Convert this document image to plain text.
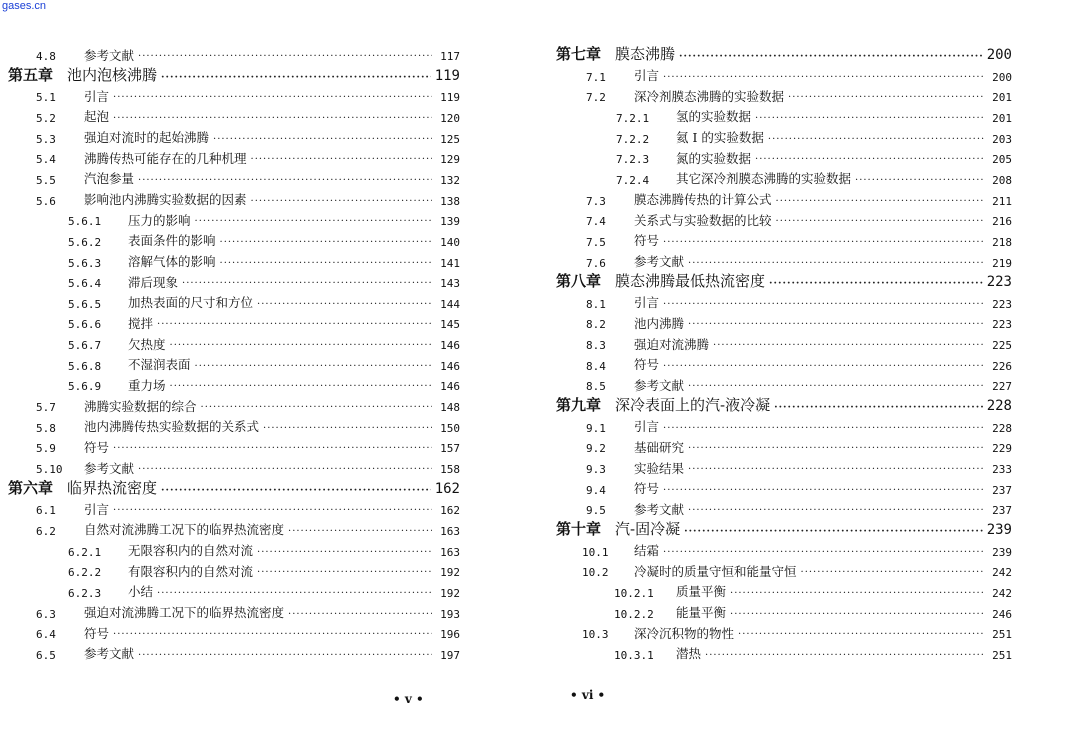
gases.cn
4.8	参考文献 ·····	117
第五章 池内泡核沸腾 ·····	119
5.1	引言 ·····	119
5.2	起泡 ·····	120
5.3	强迫对流时的起始沸腾 ·····	125
5.4	沸腾传热可能存在的几种机理 ·····	129
5.5	汽泡参量 ·····	132
5.6	影响池内沸腾实验数据的因素 ·····	138
5.6.1	压力的影响 ·····	139
5.6.2	表面条件的影响 ·····	140
5.6.3	溶解气体的影响 ·····	141
5.6.4	滞后现象 ·····	143
5.6.5	加热表面的尺寸和方位 ·····	144
5.6.6	搅拌 ·····	145
5.6.7	欠热度 ·····	146
5.6.8	不湿润表面 ·····	146
5.6.9	重力场 ·····	146
5.7	沸腾实验数据的综合 ·····	148
5.8	池内沸腾传热实验数据的关系式 ·····	150
5.9	符号 ·····	157
5.10	参考文献 ·····	158
第六章 临界热流密度 ·····	162
6.1	引言 ·····	162
6.2	自然对流沸腾工况下的临界热流密度 ·····	163
6.2.1	无限容积内的自然对流 ·····	163
6.2.2	有限容积内的自然对流 ·····	192
6.2.3	小结 ·····	192
6.3	强迫对流沸腾工况下的临界热流密度 ·····	193
6.4	符号 ·····	196
6.5	参考文献 ·····	197
第七章 膜态沸腾 ·····	200
7.1	引言 ·····	200
7.2	深冷剂膜态沸腾的实验数据 ·····	201
7.2.1	氢的实验数据 ·····	201
7.2.2	氦 I 的实验数据 ·····	203
7.2.3	氮的实验数据 ·····	205
7.2.4	其它深冷剂膜态沸腾的实验数据 ·····	208
7.3	膜态沸腾传热的计算公式 ·····	211
7.4	关系式与实验数据的比较 ·····	216
7.5	符号 ·····	218
7.6	参考文献 ·····	219
第八章 膜态沸腾最低热流密度 ·····	223
8.1	引言 ·····	223
8.2	池内沸腾 ·····	223
8.3	强迫对流沸腾 ·····	225
8.4	符号 ·····	226
8.5	参考文献 ·····	227
第九章 深冷表面上的汽-液冷凝 ·····	228
9.1	引言 ·····	228
9.2	基础研究 ·····	229
9.3	实验结果 ·····	233
9.4	符号 ·····	237
9.5	参考文献 ·····	237
第十章 汽-固冷凝 ·····	239
10.1	结霜 ·····	239
10.2	冷凝时的质量守恒和能量守恒 ·····	242
10.2.1	质量平衡 ·····	242
10.2.2	能量平衡 ·····	246
10.3	深冷沉积物的物性 ·····	251
10.3.1	潜热 ·····	251
• v •	• vi •
